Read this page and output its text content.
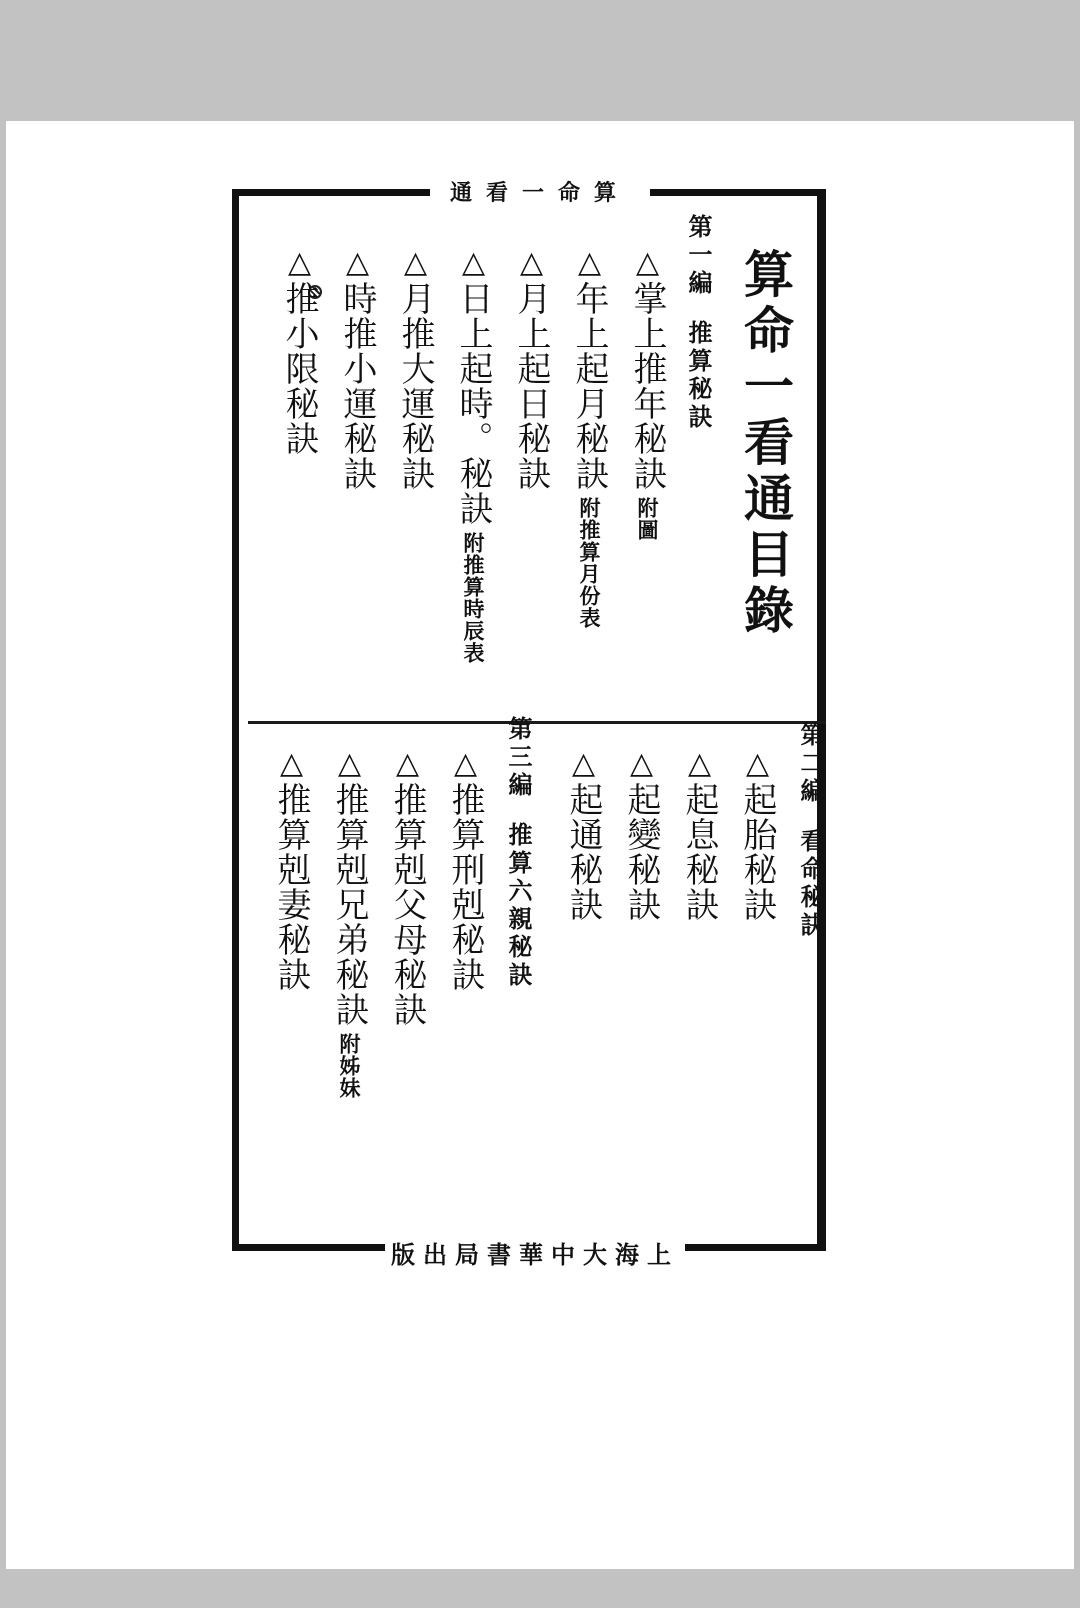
算命一看通
算命一看通目錄
第一編推算秘訣
△掌上推年秘訣附圖
△年上起月秘訣附推算月份表
△月上起日秘訣
△日上起時。秘訣附推算時辰表
△月推大運秘訣
△時推小運秘訣
△推小限秘訣
第二編看命秘訣
△起胎秘訣
△起息秘訣
△起變秘訣
△起通秘訣
第三編推算六親秘訣
△推算刑剋秘訣
△推算剋父母秘訣
△推算剋兄弟秘訣附姊妹
△推算剋妻秘訣
上海大中華書局出版
